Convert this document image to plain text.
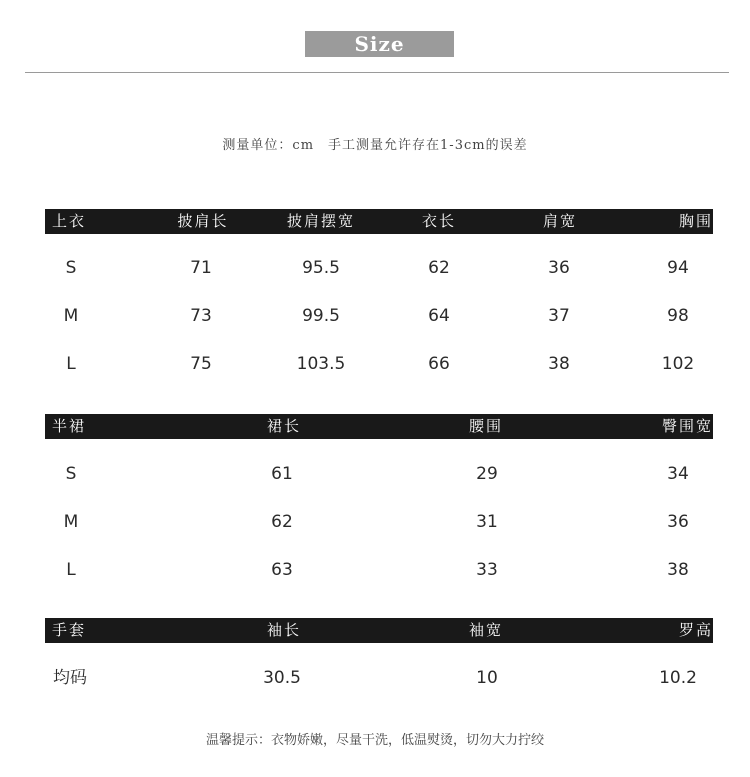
Size
测量单位：cm　手工测量允许存在1-3cm的误差
上衣	披肩长	披肩摆宽	衣长	肩宽	胸围
S	71	95.5	62	36	94
M	73	99.5	64	37	98
L	75	103.5	66	38	102
半裙	裙长	腰围	臀围宽
S	61	29	34
M	62	31	36
L	63	33	38
手套	袖长	袖宽	罗高
均码	30.5	10	10.2
温馨提示：衣物娇嫩，尽量干洗，低温熨烫，切勿大力拧绞
